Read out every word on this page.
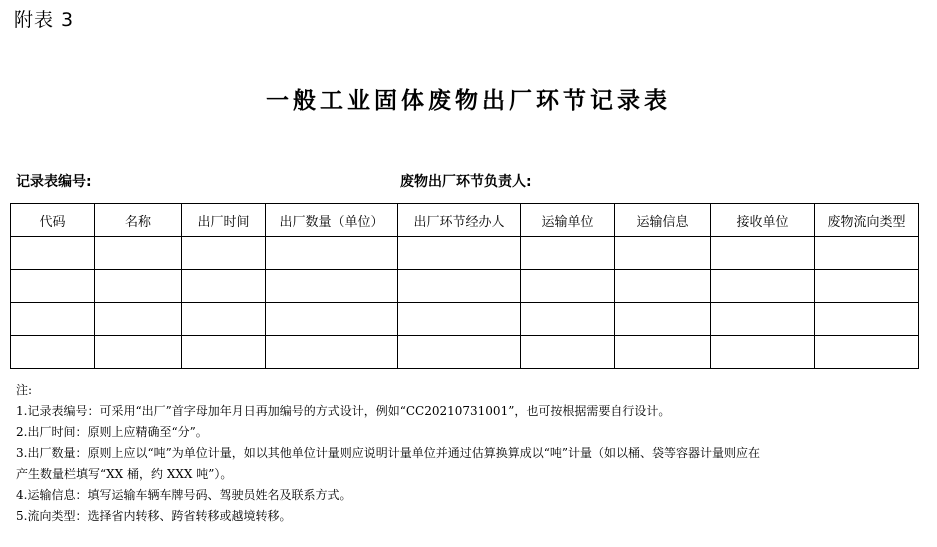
附表 3
一般工业固体废物出厂环节记录表
记录表编号:	废物出厂环节负责人:
代码	名称	出厂时间	出厂数量（单位）	出厂环节经办人	运输单位	运输信息	接收单位	废物流向类型

注:
1.记录表编号：可采用“出厂”首字母加年月日再加编号的方式设计，例如“CC20210731001”，也可按根据需要自行设计。
2.出厂时间：原则上应精确至“分”。
3.出厂数量：原则上应以“吨”为单位计量，如以其他单位计量则应说明计量单位并通过估算换算成以“吨”计量（如以桶、袋等容器计量则应在
产生数量栏填写“XX 桶，约 XXX 吨”）。
4.运输信息：填写运输车辆车牌号码、驾驶员姓名及联系方式。
5.流向类型：选择省内转移、跨省转移或越境转移。
